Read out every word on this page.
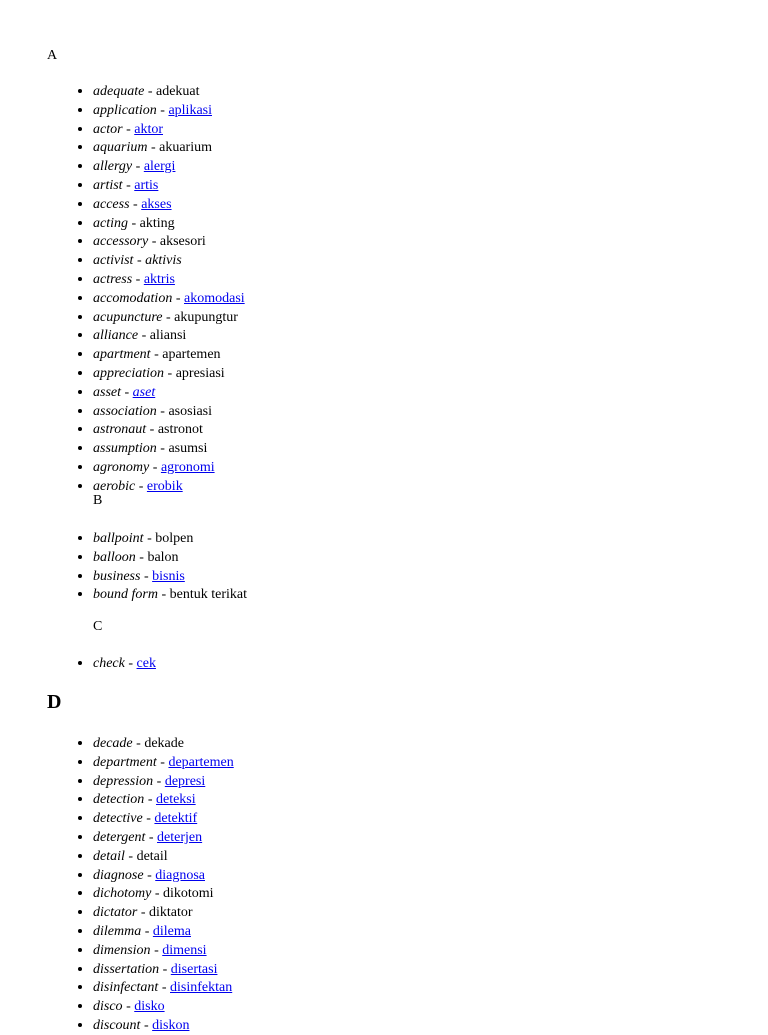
A

• adequate - adekuat
• application - aplikasi
• actor - aktor
• aquarium - akuarium
• allergy - alergi
• artist - artis
• access - akses
• acting - akting
• accessory - aksesori
• activist - aktivis
• actress - aktris
• accomodation - akomodasi
• acupuncture - akupungtur
• alliance - aliansi
• apartment - apartemen
• appreciation - apresiasi
• asset - aset
• association - asosiasi
• astronaut - astronot
• assumption - asumsi
• agronomy - agronomi
• aerobic - erobik

B

• ballpoint - bolpen
• balloon - balon
• business - bisnis
• bound form - bentuk terikat

C

• check - cek
D
• decade - dekade
• department - departemen
• depression - depresi
• detection - deteksi
• detective - detektif
• detergent - deterjen
• detail - detail
• diagnose - diagnosa
• dichotomy - dikotomi
• dictator - diktator
• dilemma - dilema
• dimension - dimensi
• dissertation - disertasi
• disinfectant - disinfektan
• disco - disko
• discount - diskon
